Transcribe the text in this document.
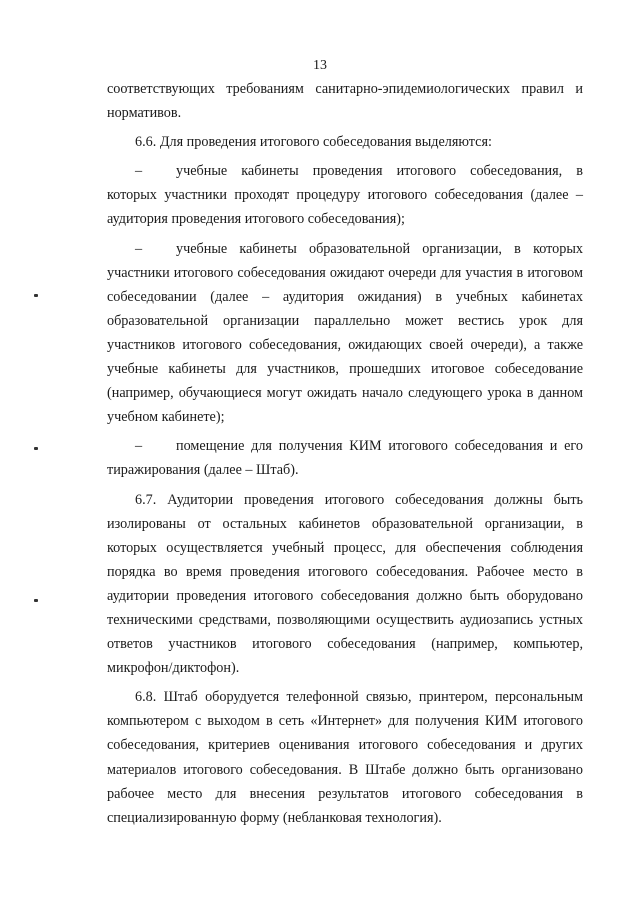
13

соответствующих требованиям санитарно-эпидемиологических правил и нормативов.

6.6. Для проведения итогового собеседования выделяются:

– учебные кабинеты проведения итогового собеседования, в которых участники проходят процедуру итогового собеседования (далее – аудитория проведения итогового собеседования);

– учебные кабинеты образовательной организации, в которых участники итогового собеседования ожидают очереди для участия в итоговом собеседовании (далее – аудитория ожидания) в учебных кабинетах образовательной организации параллельно может вестись урок для участников итогового собеседования, ожидающих своей очереди), а также учебные кабинеты для участников, прошедших итоговое собеседование (например, обучающиеся могут ожидать начало следующего урока в данном учебном кабинете);

– помещение для получения КИМ итогового собеседования и его тиражирования (далее – Штаб).

6.7. Аудитории проведения итогового собеседования должны быть изолированы от остальных кабинетов образовательной организации, в которых осуществляется учебный процесс, для обеспечения соблюдения порядка во время проведения итогового собеседования. Рабочее место в аудитории проведения итогового собеседования должно быть оборудовано техническими средствами, позволяющими осуществить аудиозапись устных ответов участников итогового собеседования (например, компьютер, микрофон/диктофон).

6.8. Штаб оборудуется телефонной связью, принтером, персональным компьютером с выходом в сеть «Интернет» для получения КИМ итогового собеседования, критериев оценивания итогового собеседования и других материалов итогового собеседования. В Штабе должно быть организовано рабочее место для внесения результатов итогового собеседования в специализированную форму (небланковая технология).
